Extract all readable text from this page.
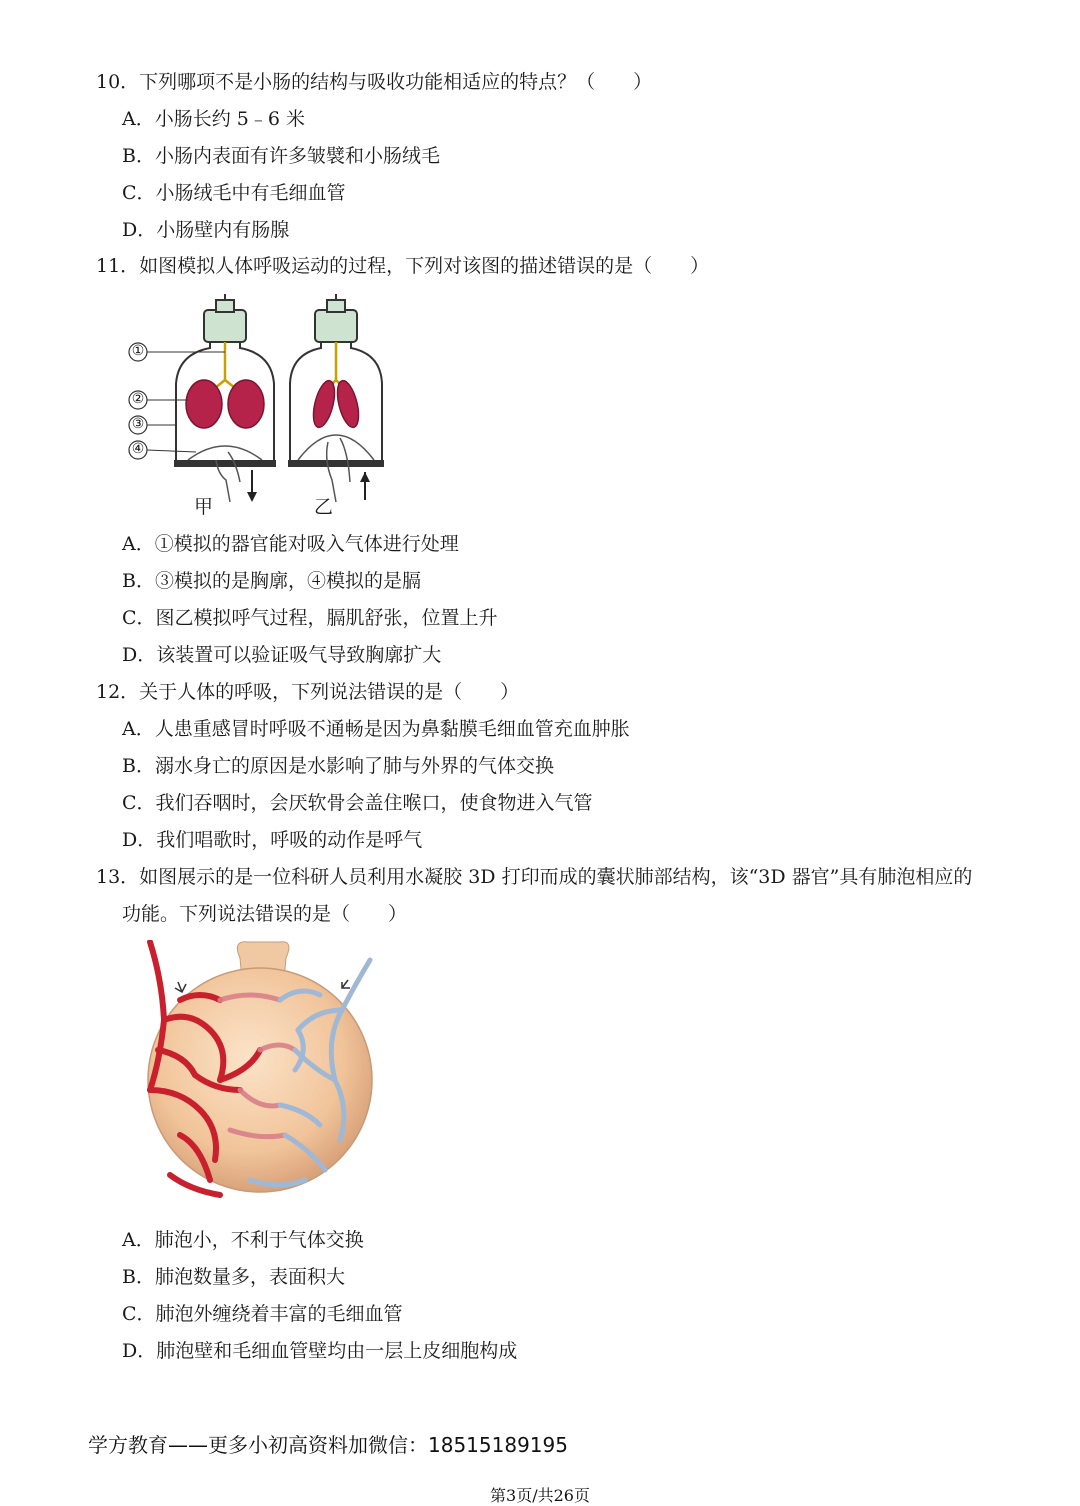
10．下列哪项不是小肠的结构与吸收功能相适应的特点？（　　）
A．小肠长约 5﹣6 米
B．小肠内表面有许多皱襞和小肠绒毛
C．小肠绒毛中有毛细血管
D．小肠壁内有肠腺
11．如图模拟人体呼吸运动的过程，下列对该图的描述错误的是（　　）
①
②
③
④
甲	乙
A．①模拟的器官能对吸入气体进行处理
B．③模拟的是胸廓，④模拟的是膈
C．图乙模拟呼气过程，膈肌舒张，位置上升
D．该装置可以验证吸气导致胸廓扩大
12．关于人体的呼吸，下列说法错误的是（　　）
A．人患重感冒时呼吸不通畅是因为鼻黏膜毛细血管充血肿胀
B．溺水身亡的原因是水影响了肺与外界的气体交换
C．我们吞咽时，会厌软骨会盖住喉口，使食物进入气管
D．我们唱歌时，呼吸的动作是呼气
13．如图展示的是一位科研人员利用水凝胶 3D 打印而成的囊状肺部结构，该“3D 器官”具有肺泡相应的
功能。下列说法错误的是（　　）
A．肺泡小，不利于气体交换
B．肺泡数量多，表面积大
C．肺泡外缠绕着丰富的毛细血管
D．肺泡壁和毛细血管壁均由一层上皮细胞构成
学方教育——更多小初高资料加微信：18515189195
第3页/共26页
